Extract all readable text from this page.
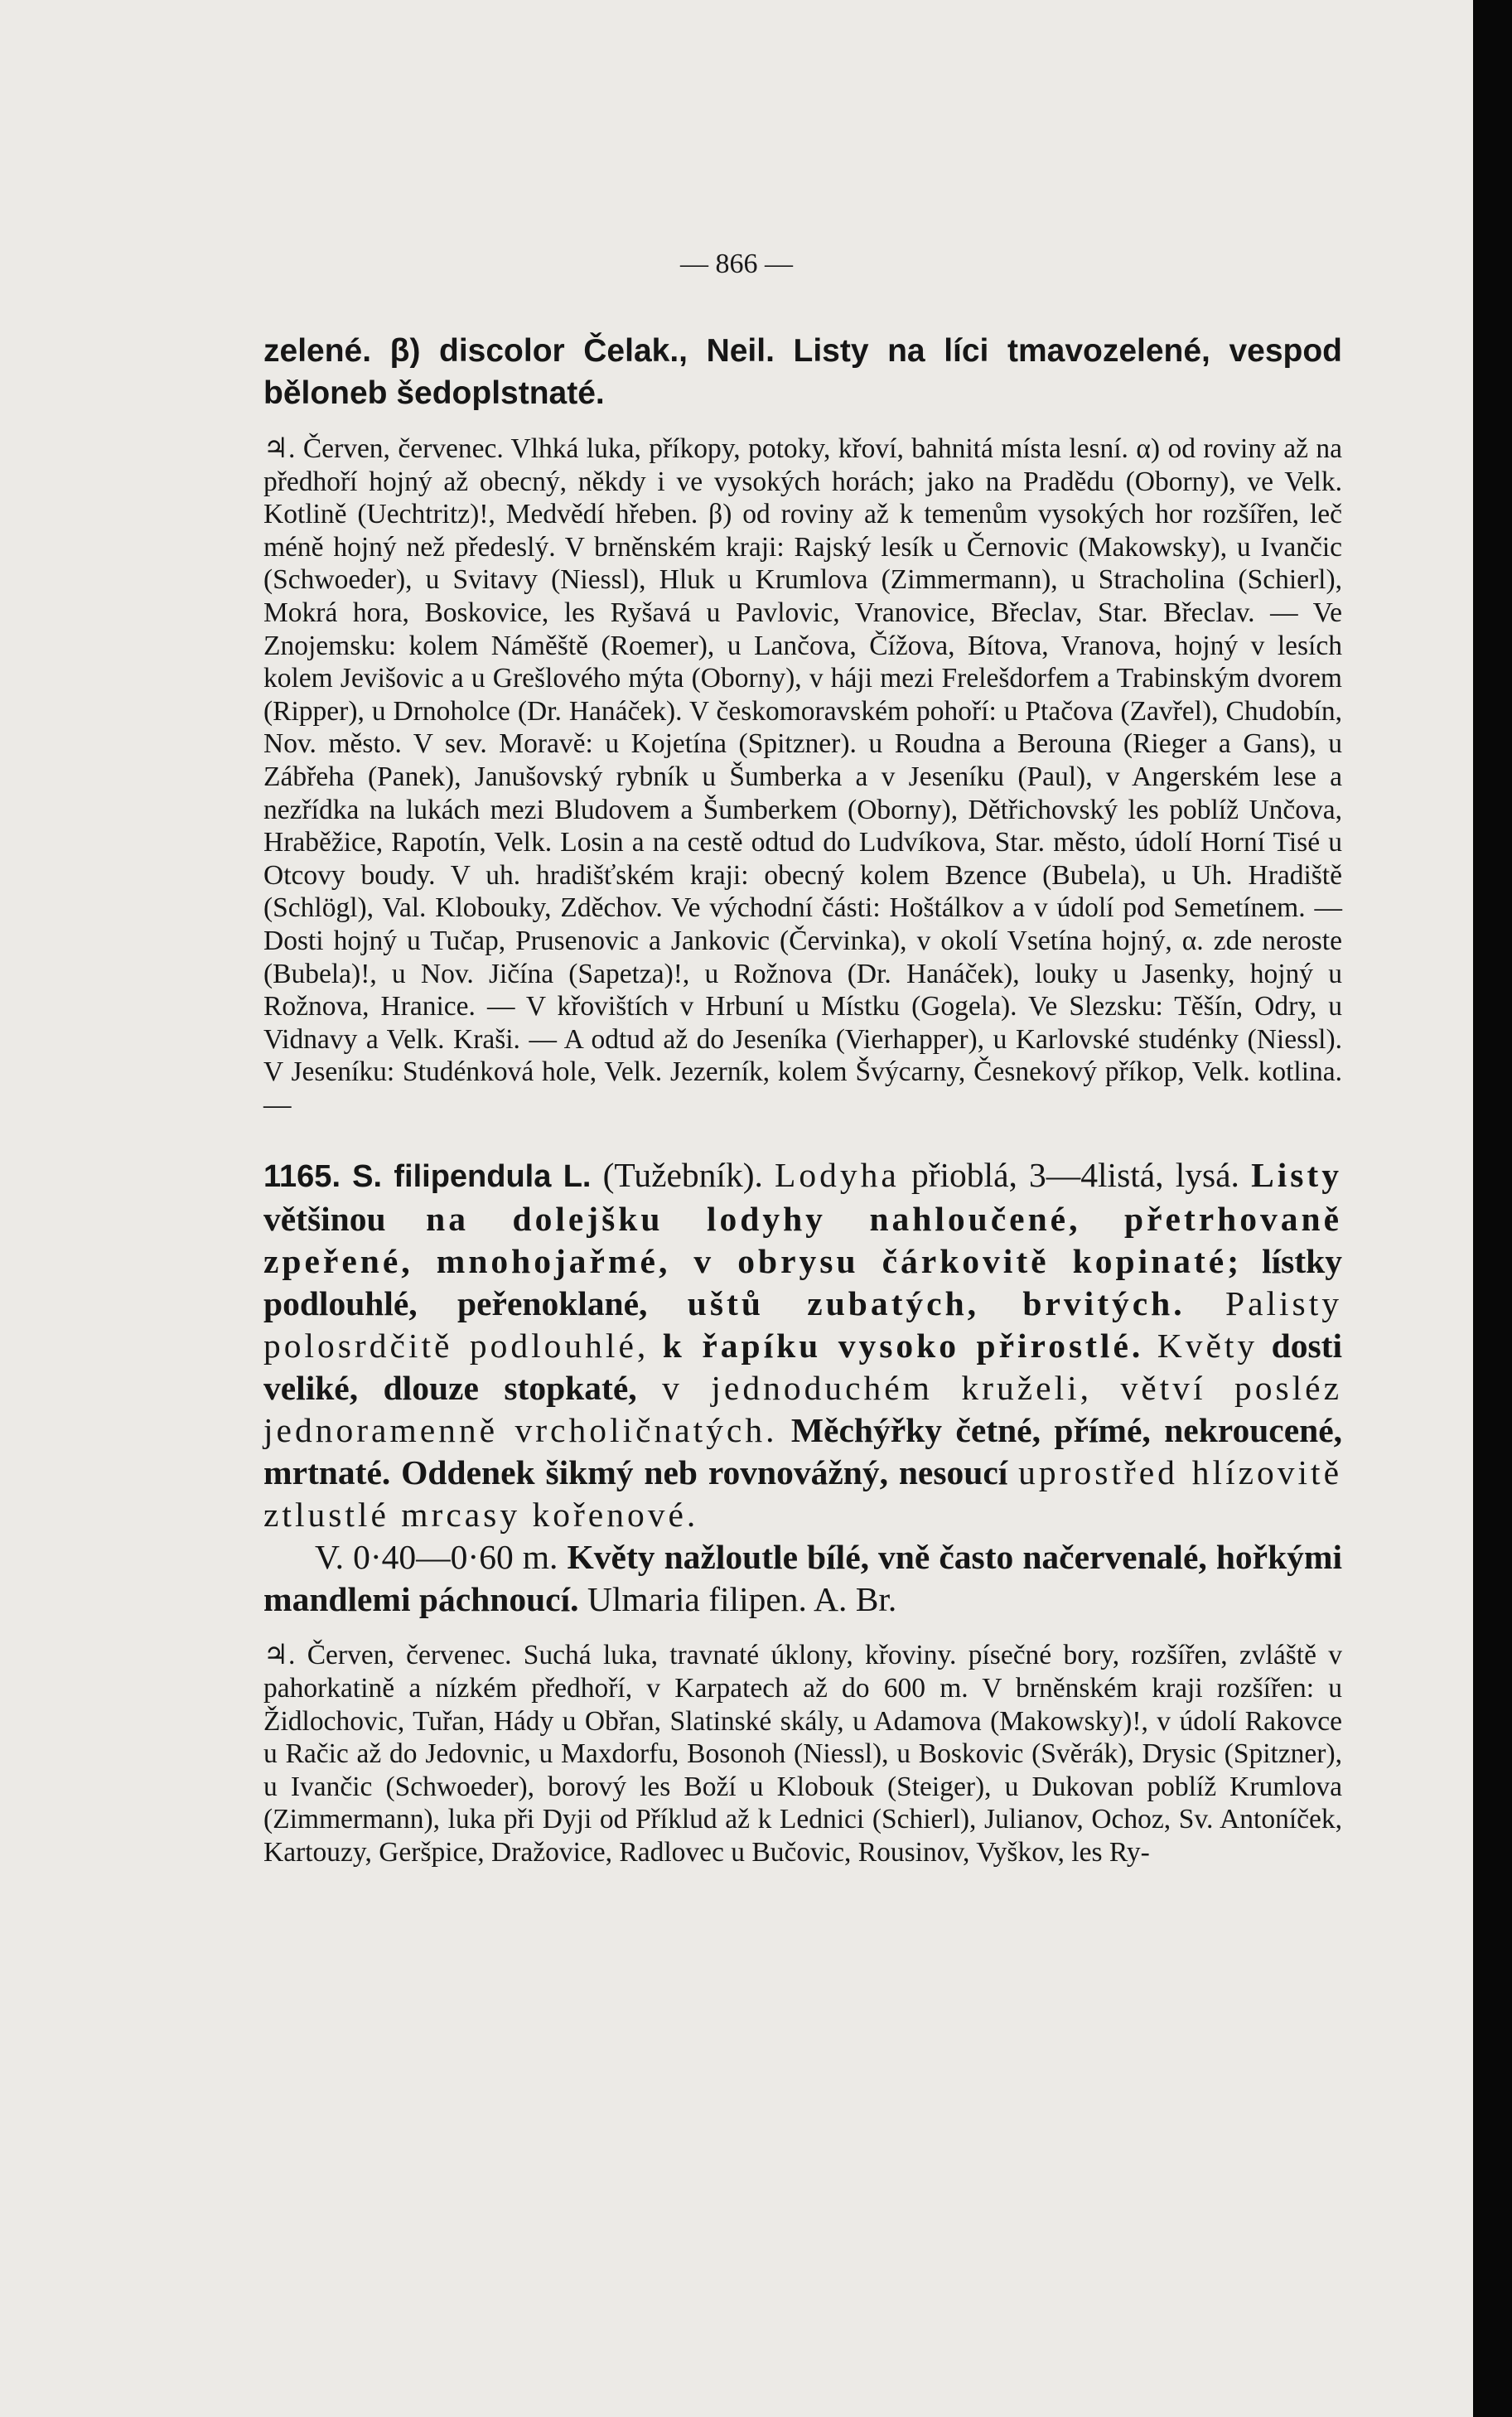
— 866 —

zelené. β) discolor Čelak., Neil. Listy na líci tmavozelené, vespod běloneb šedoplstnaté.

♃. Červen, červenec. Vlhká luka, příkopy, potoky, křoví, bahnitá místa lesní. α) od roviny až na předhoří hojný až obecný, někdy i ve vysokých horách; jako na Pradědu (Oborny), ve Velk. Kotlině (Uechtritz)!, Medvědí hřeben. β) od roviny až k temenům vysokých hor rozšířen, leč méně hojný než předeslý. V brněnském kraji: Rajský lesík u Černovic (Makowsky), u Ivančic (Schwoeder), u Svitavy (Niessl), Hluk u Krumlova (Zimmermann), u Stracholina (Schierl), Mokrá hora, Boskovice, les Ryšavá u Pavlovic, Vranovice, Břeclav, Star. Břeclav. — Ve Znojemsku: kolem Náměště (Roemer), u Lančova, Čížova, Bítova, Vranova, hojný v lesích kolem Jevišovic a u Grešlového mýta (Oborny), v háji mezi Frelešdorfem a Trabinským dvorem (Ripper), u Drnoholce (Dr. Hanáček). V českomoravském pohoří: u Ptačova (Zavřel), Chudobín, Nov. město. V sev. Moravě: u Kojetína (Spitzner). u Roudna a Berouna (Rieger a Gans), u Zábřeha (Panek), Janušovský rybník u Šumberka a v Jeseníku (Paul), v Angerském lese a nezřídka na lukách mezi Bludovem a Šumberkem (Oborny), Dětřichovský les poblíž Unčova, Hraběžice, Rapotín, Velk. Losin a na cestě odtud do Ludvíkova, Star. město, údolí Horní Tisé u Otcovy boudy. V uh. hradišťském kraji: obecný kolem Bzence (Bubela), u Uh. Hradiště (Schlögl), Val. Klobouky, Zděchov. Ve východní části: Hoštálkov a v údolí pod Semetínem. — Dosti hojný u Tučap, Prusenovic a Jankovic (Červinka), v okolí Vsetína hojný, α. zde neroste (Bubela)!, u Nov. Jičína (Sapetza)!, u Rožnova (Dr. Hanáček), louky u Jasenky, hojný u Rožnova, Hranice. — V křovištích v Hrbuní u Místku (Gogela). Ve Slezsku: Těšín, Odry, u Vidnavy a Velk. Kraši. — A odtud až do Jeseníka (Vierhapper), u Karlovské studénky (Niessl). V Jeseníku: Studénková hole, Velk. Jezerník, kolem Švýcarny, Česnekový příkop, Velk. kotlina. —

1165. S. filipendula L. (Tužebník). Lodyha přioblá, 3—4listá, lysá. Listy většinou na dolejšku lodyhy nahloučené, přetrhovaně zpeřené, mnohojařmé, v obrysu čárkovitě kopinaté; lístky podlouhlé, peřenoklané, uštů zubatých, brvitých. Palisty polosrdčitě podlouhlé, k řapíku vysoko přirostlé. Květy dosti veliké, dlouze stopkaté, v jednoduchém kruželi, větví posléz jednoramenně vrcholičnatých. Měchýřky četné, přímé, nekroucené, mrtnaté. Oddenek šikmý neb rovnovážný, nesoucí uprostřed hlízovitě ztlustlé mrcasy kořenové.

V. 0·40—0·60 m. Květy nažloutle bílé, vně často načervenalé, hořkými mandlemi páchnoucí. Ulmaria filipen. A. Br.

♃. Červen, červenec. Suchá luka, travnaté úklony, křoviny. písečné bory, rozšířen, zvláště v pahorkatině a nízkém předhoří, v Karpatech až do 600 m. V brněnském kraji rozšířen: u Židlochovic, Tuřan, Hády u Obřan, Slatinské skály, u Adamova (Makowsky)!, v údolí Rakovce u Račic až do Jedovnic, u Maxdorfu, Bosonoh (Niessl), u Boskovic (Svěrák), Drysic (Spitzner), u Ivančic (Schwoeder), borový les Boží u Klobouk (Steiger), u Dukovan poblíž Krumlova (Zimmermann), luka při Dyji od Příklud až k Lednici (Schierl), Julianov, Ochoz, Sv. Antoníček, Kartouzy, Geršpice, Dražovice, Radlovec u Bučovic, Rousinov, Vyškov, les Ry-
